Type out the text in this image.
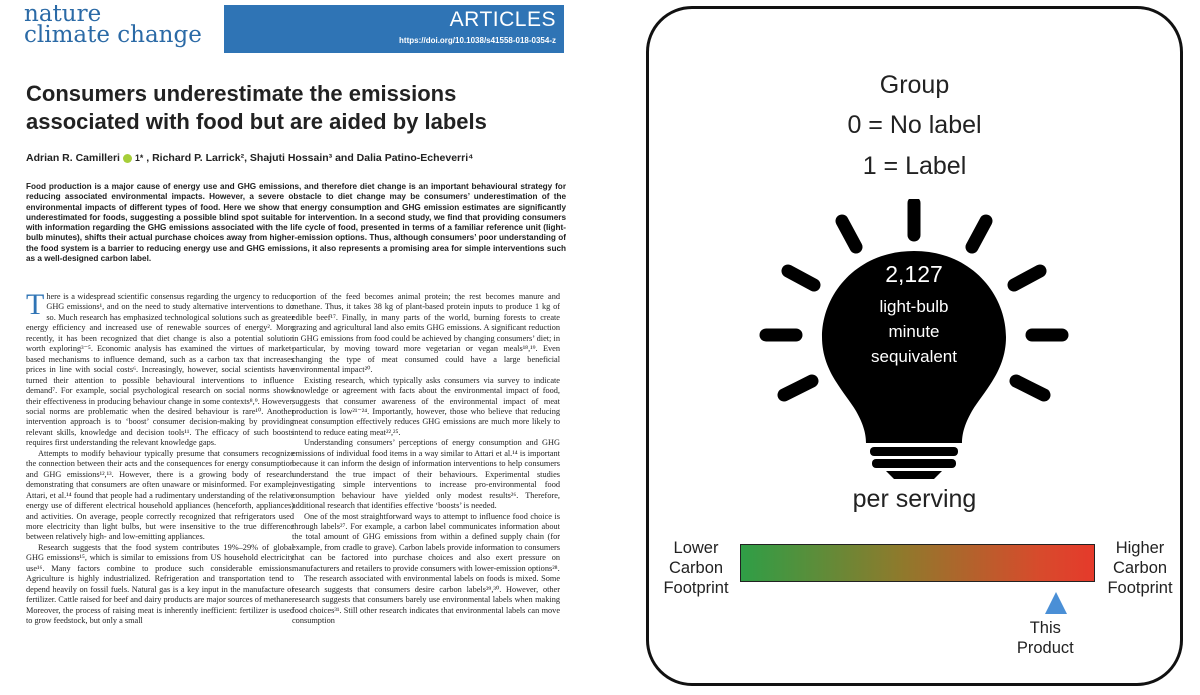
nature
climate change
ARTICLES
https://doi.org/10.1038/s41558-018-0354-z
Consumers underestimate the emissions associated with food but are aided by labels
Adrian R. Camilleri 1* , Richard P. Larrick², Shajuti Hossain³ and Dalia Patino-Echeverri⁴

Food production is a major cause of energy use and GHG emissions, and therefore diet change is an important behavioural strategy for reducing associated environmental impacts. However, a severe obstacle to diet change may be consumers’ underestimation of the environmental impacts of different types of food. Here we show that energy consumption and GHG emission estimates are significantly underestimated for foods, suggesting a possible blind spot suitable for intervention. In a second study, we find that providing consumers with information regarding the GHG emissions associated with the life cycle of food, presented in terms of a familiar reference unit (light-bulb minutes), shifts their actual purchase choices away from higher-emission options. Thus, although consumers’ poor understanding of the food system is a barrier to reducing energy use and GHG emissions, it also represents a promising area for simple interventions such as a well-designed carbon label.

There is a widespread scientific consensus regarding the urgency to reduce GHG emissions¹, and on the need to study alternative interventions to do so. Much research has emphasized technological solutions such as greater energy efficiency and increased use of renewable sources of energy². More recently, it has been recognized that diet change is also a potential solution worth exploring³⁻⁵. Economic analysis has examined the virtues of market-based mechanisms to influence demand, such as a carbon tax that increases prices in line with social costs⁶. Increasingly, however, social scientists have turned their attention to possible behavioural interventions to influence demand⁷. For example, social psychological research on social norms shows their effectiveness in producing behaviour change in some contexts⁸,⁹. However, social norms are problematic when the desired behaviour is rare¹⁰. Another intervention approach is to ‘boost’ consumer decision-making by providing relevant skills, knowledge and decision tools¹¹. The efficacy of such boosts requires first understanding the relevant knowledge gaps.

Attempts to modify behaviour typically presume that consumers recognize the connection between their acts and the consequences for energy consumption and GHG emissions¹²,¹³. However, there is a growing body of research demonstrating that consumers are often unaware or misinformed. For example, Attari, et al.¹⁴ found that people had a rudimentary understanding of the relative energy use of different electrical household appliances (henceforth, appliances) and activities. On average, people correctly recognized that refrigerators used more electricity than light bulbs, but were insensitive to the true difference between relatively high- and low-emitting appliances.

Research suggests that the food system contributes 19%–29% of global GHG emissions¹⁵, which is similar to emissions from US household electricity use¹⁶. Many factors combine to produce such considerable emissions. Agriculture is highly industrialized. Refrigeration and transportation tend to depend heavily on fossil fuels. Natural gas is a key input in the manufacture of fertilizer. Cattle raised for beef and dairy products are major sources of methane. Moreover, the process of raising meat is inherently inefficient: fertilizer is used to grow feedstock, but only a small

portion of the feed becomes animal protein; the rest becomes manure and methane. Thus, it takes 38 kg of plant-based protein inputs to produce 1 kg of edible beef¹⁷. Finally, in many parts of the world, burning forests to create grazing and agricultural land also emits GHG emissions. A significant reduction in GHG emissions from food could be achieved by changing consumers’ diet; in particular, by moving toward more vegetarian or vegan meals¹⁸,¹⁹. Even changing the type of meat consumed could have a large beneficial environmental impact²⁰.

Existing research, which typically asks consumers via survey to indicate knowledge or agreement with facts about the environmental impact of food, suggests that consumer awareness of the environmental impact of meat production is low²¹⁻²⁴. Importantly, however, those who believe that reducing meat consumption effectively reduces GHG emissions are much more likely to intend to reduce eating meat²²,²⁵.

Understanding consumers’ perceptions of energy consumption and GHG emissions of individual food items in a way similar to Attari et al.¹⁴ is important because it can inform the design of information interventions to help consumers understand the true impact of their behaviours. Experimental studies investigating simple interventions to increase pro-environmental food consumption behaviour have yielded only modest results²⁶. Therefore, additional research that identifies effective ‘boosts’ is needed.

One of the most straightforward ways to attempt to influence food choice is through labels²⁷. For example, a carbon label communicates information about the total amount of GHG emissions from within a defined supply chain (for example, from cradle to grave). Carbon labels provide information to consumers that can be factored into purchase choices and also exert pressure on manufacturers and retailers to provide consumers with lower-emission options²⁸.

The research associated with environmental labels on foods is mixed. Some research suggests that consumers desire carbon labels²⁹,³⁰. However, other research suggests that consumers barely use environmental labels when making food choices³¹. Still other research indicates that environmental labels can move consumption

Group
0 = No label
1 = Label
2,127
light-bulb
minute
sequivalent
per serving
Lower
Carbon
Footprint
Higher
Carbon
Footprint
This
Product
